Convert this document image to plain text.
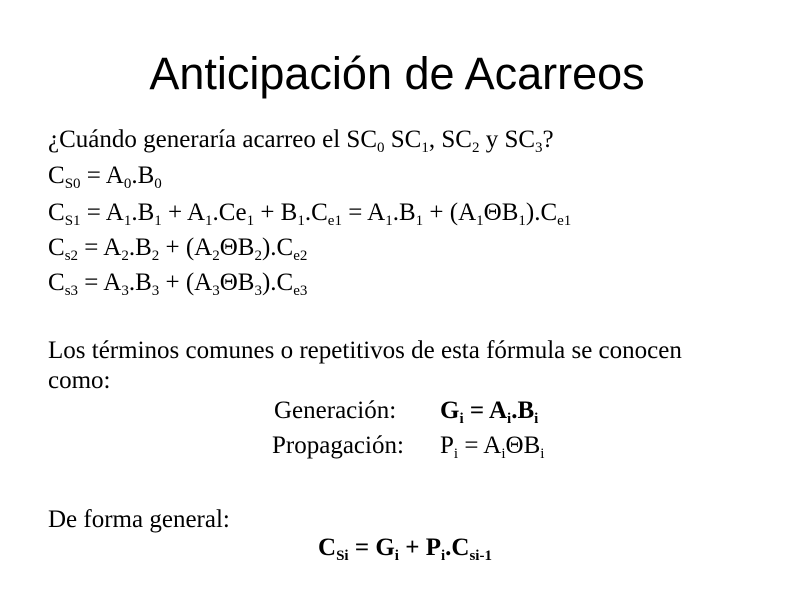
Anticipación de Acarreos
¿Cuándo generaría acarreo el $SC_0$ $SC_1$, $SC_2$ y $SC_3$?
$C_{S0} = A_0.B_0$
$C_{S1} = A_1.B_1 + A_1.Ce_1 + B_1.C_{e1} = A_1.B_1 + (A_1\Theta B_1).C_{e1}$
$C_{s2} = A_2.B_2 + (A_2\Theta B_2).C_{e2}$
$C_{s3} = A_3.B_3 + (A_3\Theta B_3).C_{e3}$
Los términos comunes o repetitivos de esta fórmula se conocen
como:
Generación: $G_i = A_i.B_i$
Propagación: $P_i = A_i\Theta B_i$
De forma general:
$C_{Si} = G_i + P_i.C_{si-1}$
